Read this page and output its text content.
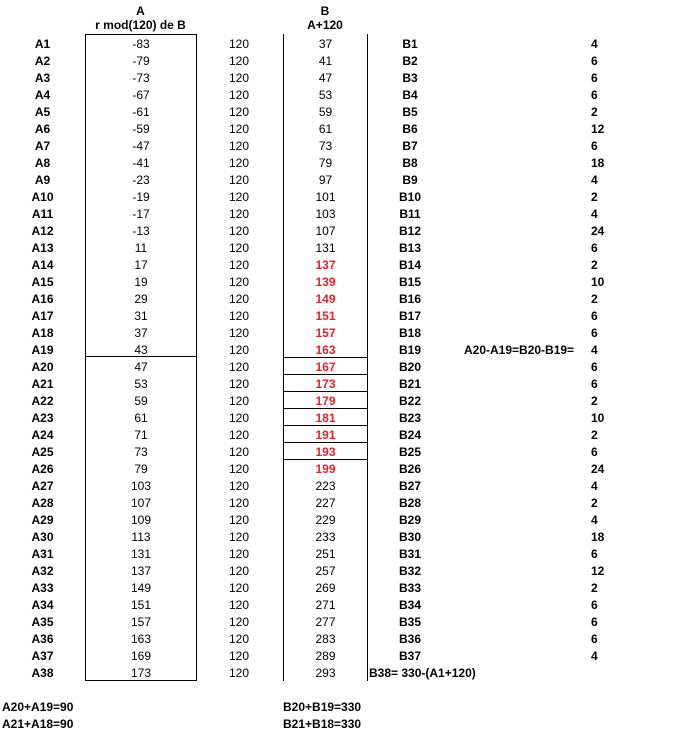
A
r mod(120) de B
B
A+120
A1	-83	120	37	B1	4
A2	-79	120	41	B2	6
A3	-73	120	47	B3	6
A4	-67	120	53	B4	6
A5	-61	120	59	B5	2
A6	-59	120	61	B6	12
A7	-47	120	73	B7	6
A8	-41	120	79	B8	18
A9	-23	120	97	B9	4
A10	-19	120	101	B10	2
A11	-17	120	103	B11	4
A12	-13	120	107	B12	24
A13	11	120	131	B13	6
A14	17	120	137	B14	2
A15	19	120	139	B15	10
A16	29	120	149	B16	2
A17	31	120	151	B17	6
A18	37	120	157	B18	6
A19	43	120	163	B19	4
A20	47	120	167	B20	6
A21	53	120	173	B21	6
A22	59	120	179	B22	2
A23	61	120	181	B23	10
A24	71	120	191	B24	2
A25	73	120	193	B25	6
A26	79	120	199	B26	24
A27	103	120	223	B27	4
A28	107	120	227	B28	2
A29	109	120	229	B29	4
A30	113	120	233	B30	18
A31	131	120	251	B31	6
A32	137	120	257	B32	12
A33	149	120	269	B33	2
A34	151	120	271	B34	6
A35	157	120	277	B35	6
A36	163	120	283	B36	6
A37	169	120	289	B37	4
A38	173	120	293
A20-A19=B20-B19=
B38= 330-(A1+120)
A20+A19=90
A21+A18=90
B20+B19=330
B21+B18=330
